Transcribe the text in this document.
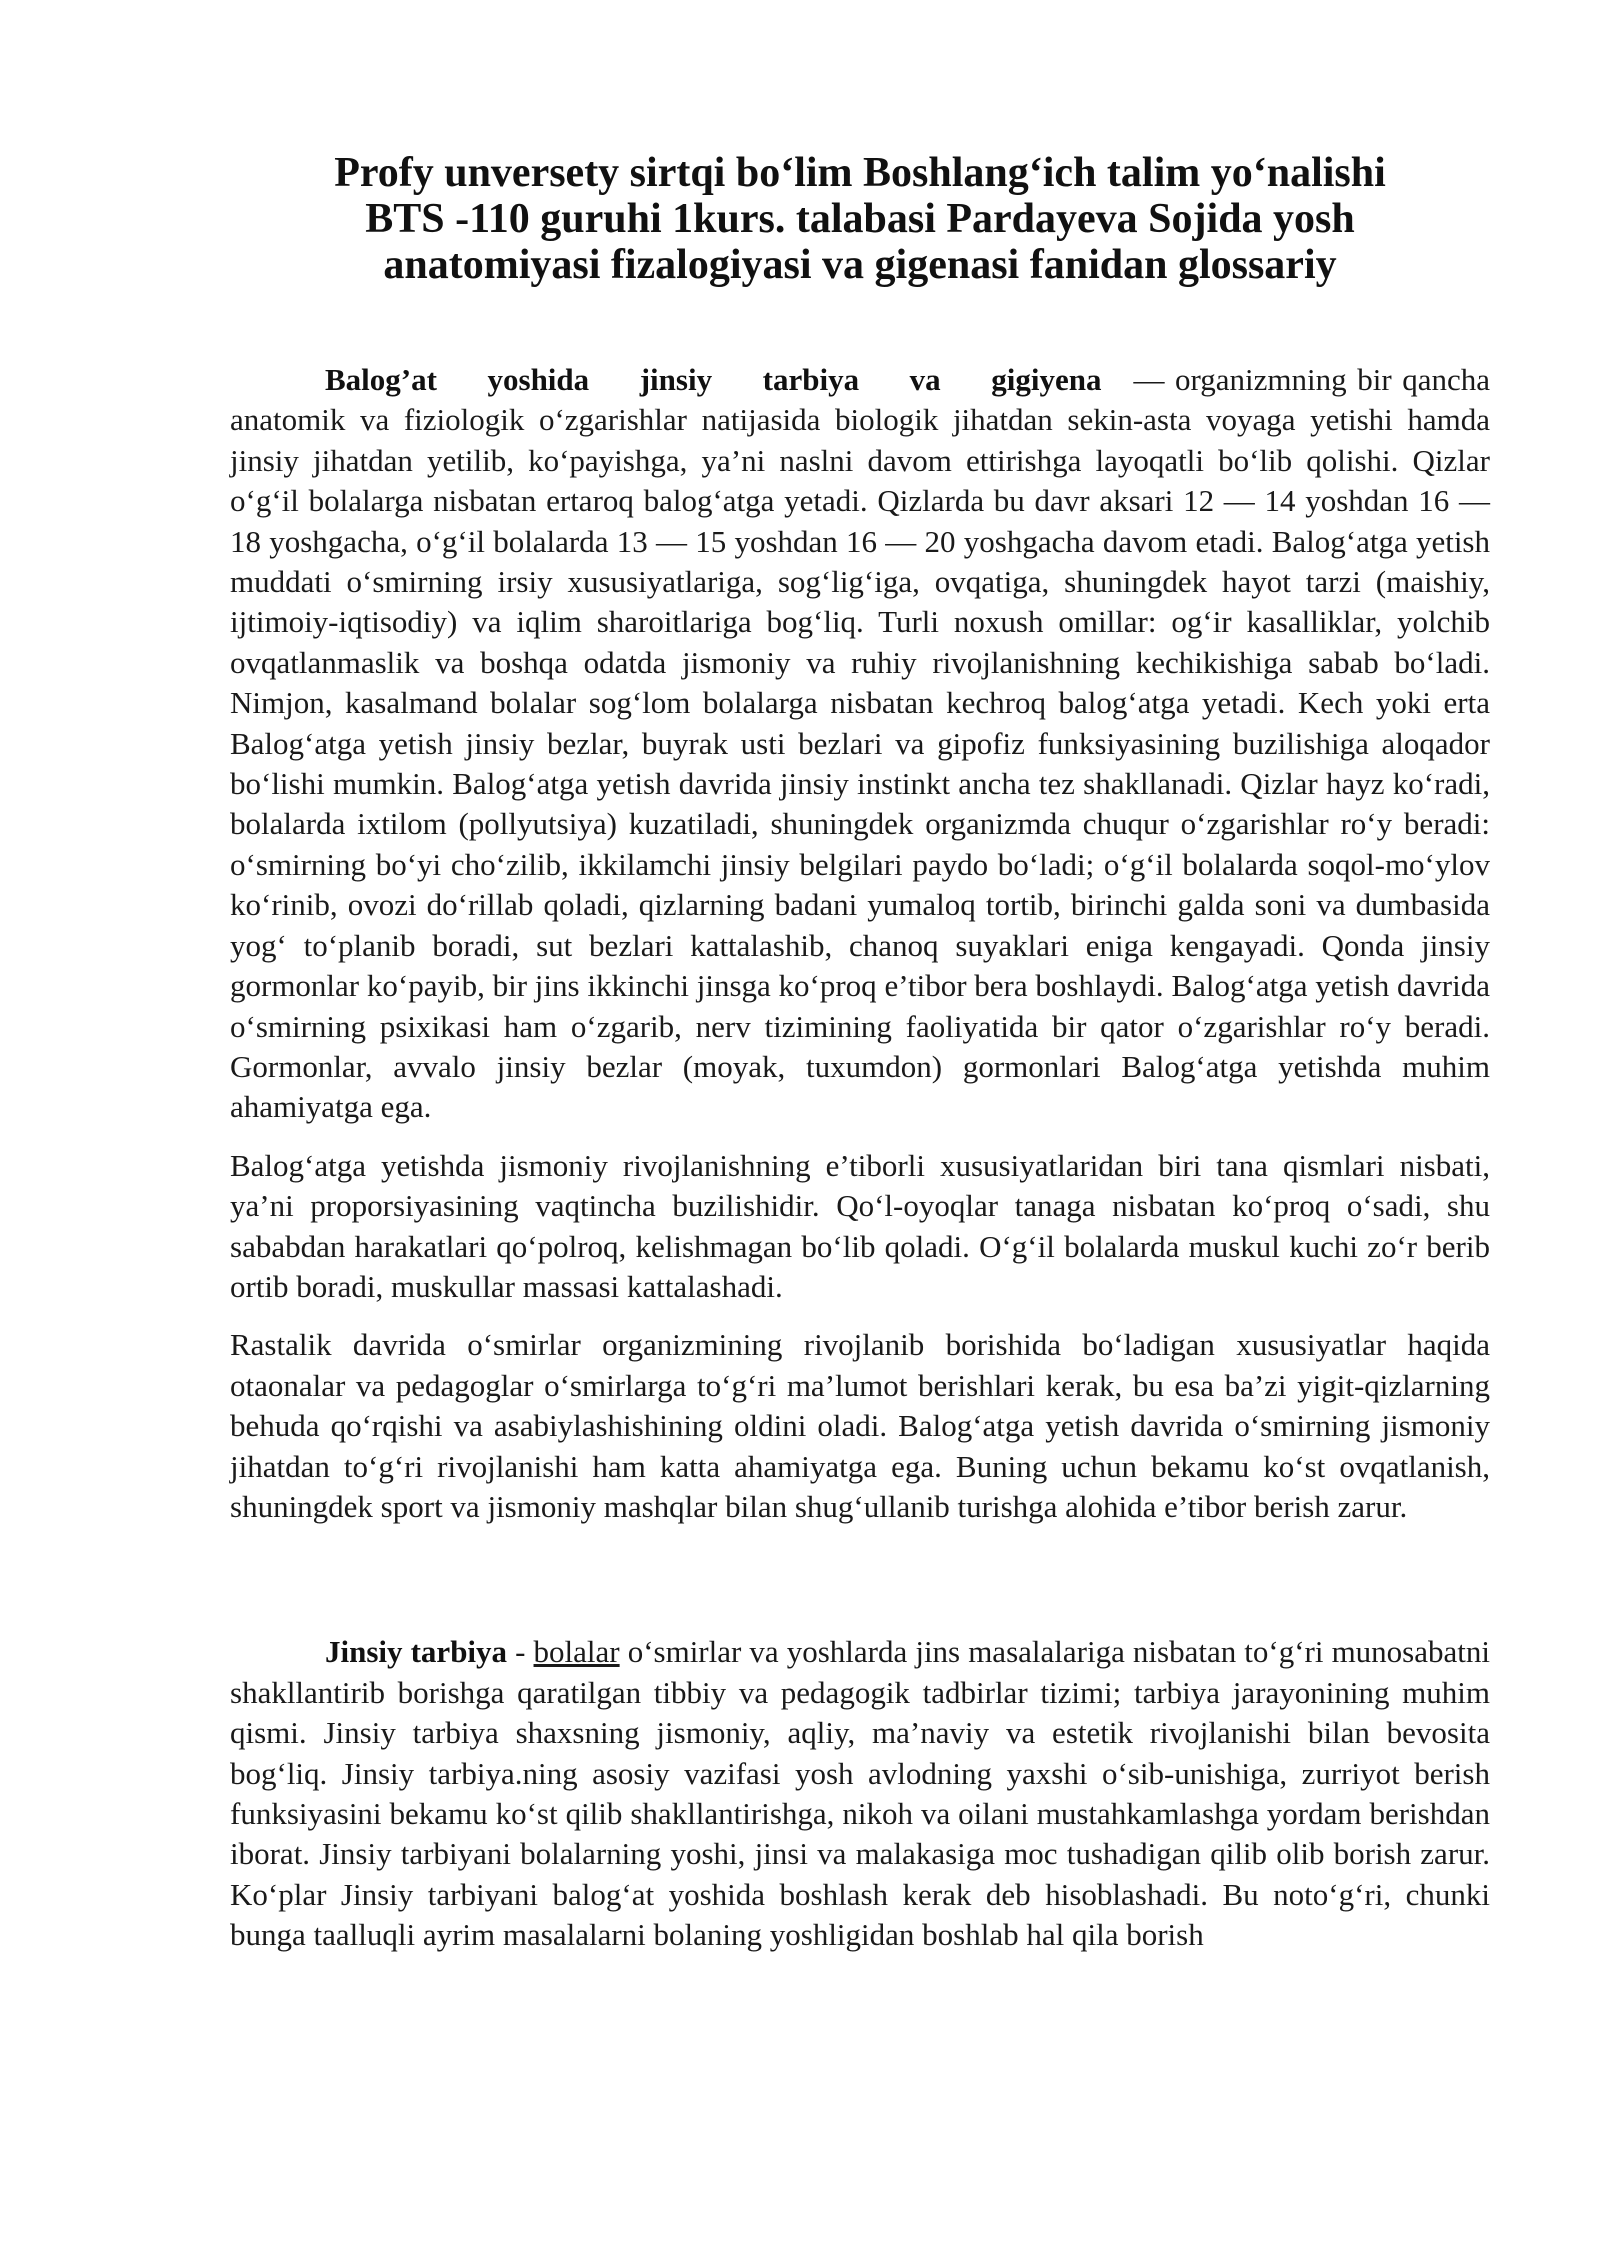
Profy unversety sirtqi bo‘lim Boshlang‘ich talim yo‘nalishi
BTS -110 guruhi 1kurs. talabasi Pardayeva Sojida yosh
anatomiyasi fizalogiyasi va gigenasi fanidan glossariy

Balog’at yoshida jinsiy tarbiya va gigiyena — organizmning bir qancha anatomik va fiziologik o‘zgarishlar natijasida biologik jihatdan sekin-asta voyaga yetishi hamda jinsiy jihatdan yetilib, ko‘payishga, ya’ni naslni davom ettirishga layoqatli bo‘lib qolishi. Qizlar o‘g‘il bolalarga nisbatan ertaroq balog‘atga yetadi. Qizlarda bu davr aksari 12 — 14 yoshdan 16 — 18 yoshgacha, o‘g‘il bolalarda 13 — 15 yoshdan 16 — 20 yoshgacha davom etadi. Balog‘atga yetish muddati o‘smirning irsiy xususiyatlariga, sog‘lig‘iga, ovqatiga, shuningdek hayot tarzi (maishiy, ijtimoiy-iqtisodiy) va iqlim sharoitlariga bog‘liq. Turli noxush omillar: og‘ir kasalliklar, yolchib ovqatlanmaslik va boshqa odatda jismoniy va ruhiy rivojlanishning kechikishiga sabab bo‘ladi. Nimjon, kasalmand bolalar sog‘lom bolalarga nisbatan kechroq balog‘atga yetadi. Kech yoki erta Balog‘atga yetish jinsiy bezlar, buyrak usti bezlari va gipofiz funksiyasining buzilishiga aloqador bo‘lishi mumkin. Balog‘atga yetish davrida jinsiy instinkt ancha tez shakllanadi. Qizlar hayz ko‘radi, bolalarda ixtilom (pollyutsiya) kuzatiladi, shuningdek organizmda chuqur o‘zgarishlar ro‘y beradi: o‘smirning bo‘yi cho‘zilib, ikkilamchi jinsiy belgilari paydo bo‘ladi; o‘g‘il bolalarda soqol-mo‘ylov ko‘rinib, ovozi do‘rillab qoladi, qizlarning badani yumaloq tortib, birinchi galda soni va dumbasida yog‘ to‘planib boradi, sut bezlari kattalashib, chanoq suyaklari eniga kengayadi. Qonda jinsiy gormonlar ko‘payib, bir jins ikkinchi jinsga ko‘proq e’tibor bera boshlaydi. Balog‘atga yetish davrida o‘smirning psixikasi ham o‘zgarib, nerv tizimining faoliyatida bir qator o‘zgarishlar ro‘y beradi. Gormonlar, avvalo jinsiy bezlar (moyak, tuxumdon) gormonlari Balog‘atga yetishda muhim ahamiyatga ega.

Balog‘atga yetishda jismoniy rivojlanishning e’tiborli xususiyatlaridan biri tana qismlari nisbati, ya’ni proporsiyasining vaqtincha buzilishidir. Qo‘l-oyoqlar tanaga nisbatan ko‘proq o‘sadi, shu sababdan harakatlari qo‘polroq, kelishmagan bo‘lib qoladi. O‘g‘il bolalarda muskul kuchi zo‘r berib ortib boradi, muskullar massasi kattalashadi.

Rastalik davrida o‘smirlar organizmining rivojlanib borishida bo‘ladigan xususiyatlar haqida otaonalar va pedagoglar o‘smirlarga to‘g‘ri ma’lumot berishlari kerak, bu esa ba’zi yigit-qizlarning behuda qo‘rqishi va asabiylashishining oldini oladi. Balog‘atga yetish davrida o‘smirning jismoniy jihatdan to‘g‘ri rivojlanishi ham katta ahamiyatga ega. Buning uchun bekamu ko‘st ovqatlanish, shuningdek sport va jismoniy mashqlar bilan shug‘ullanib turishga alohida e’tibor berish zarur.

Jinsiy tarbiya - bolalar o‘smirlar va yoshlarda jins masalalariga nisbatan to‘g‘ri munosabatni shakllantirib borishga qaratilgan tibbiy va pedagogik tadbirlar tizimi; tarbiya jarayonining muhim qismi. Jinsiy tarbiya shaxsning jismoniy, aqliy, ma’naviy va estetik rivojlanishi bilan bevosita bog‘liq. Jinsiy tarbiya.ning asosiy vazifasi yosh avlodning yaxshi o‘sib-unishiga, zurriyot berish funksiyasini bekamu ko‘st qilib shakllantirishga, nikoh va oilani mustahkamlashga yordam berishdan iborat. Jinsiy tarbiyani bolalarning yoshi, jinsi va malakasiga moc tushadigan qilib olib borish zarur. Ko‘plar Jinsiy tarbiyani balog‘at yoshida boshlash kerak deb hisoblashadi. Bu noto‘g‘ri, chunki bunga taalluqli ayrim masalalarni bolaning yoshligidan boshlab hal qila borish
